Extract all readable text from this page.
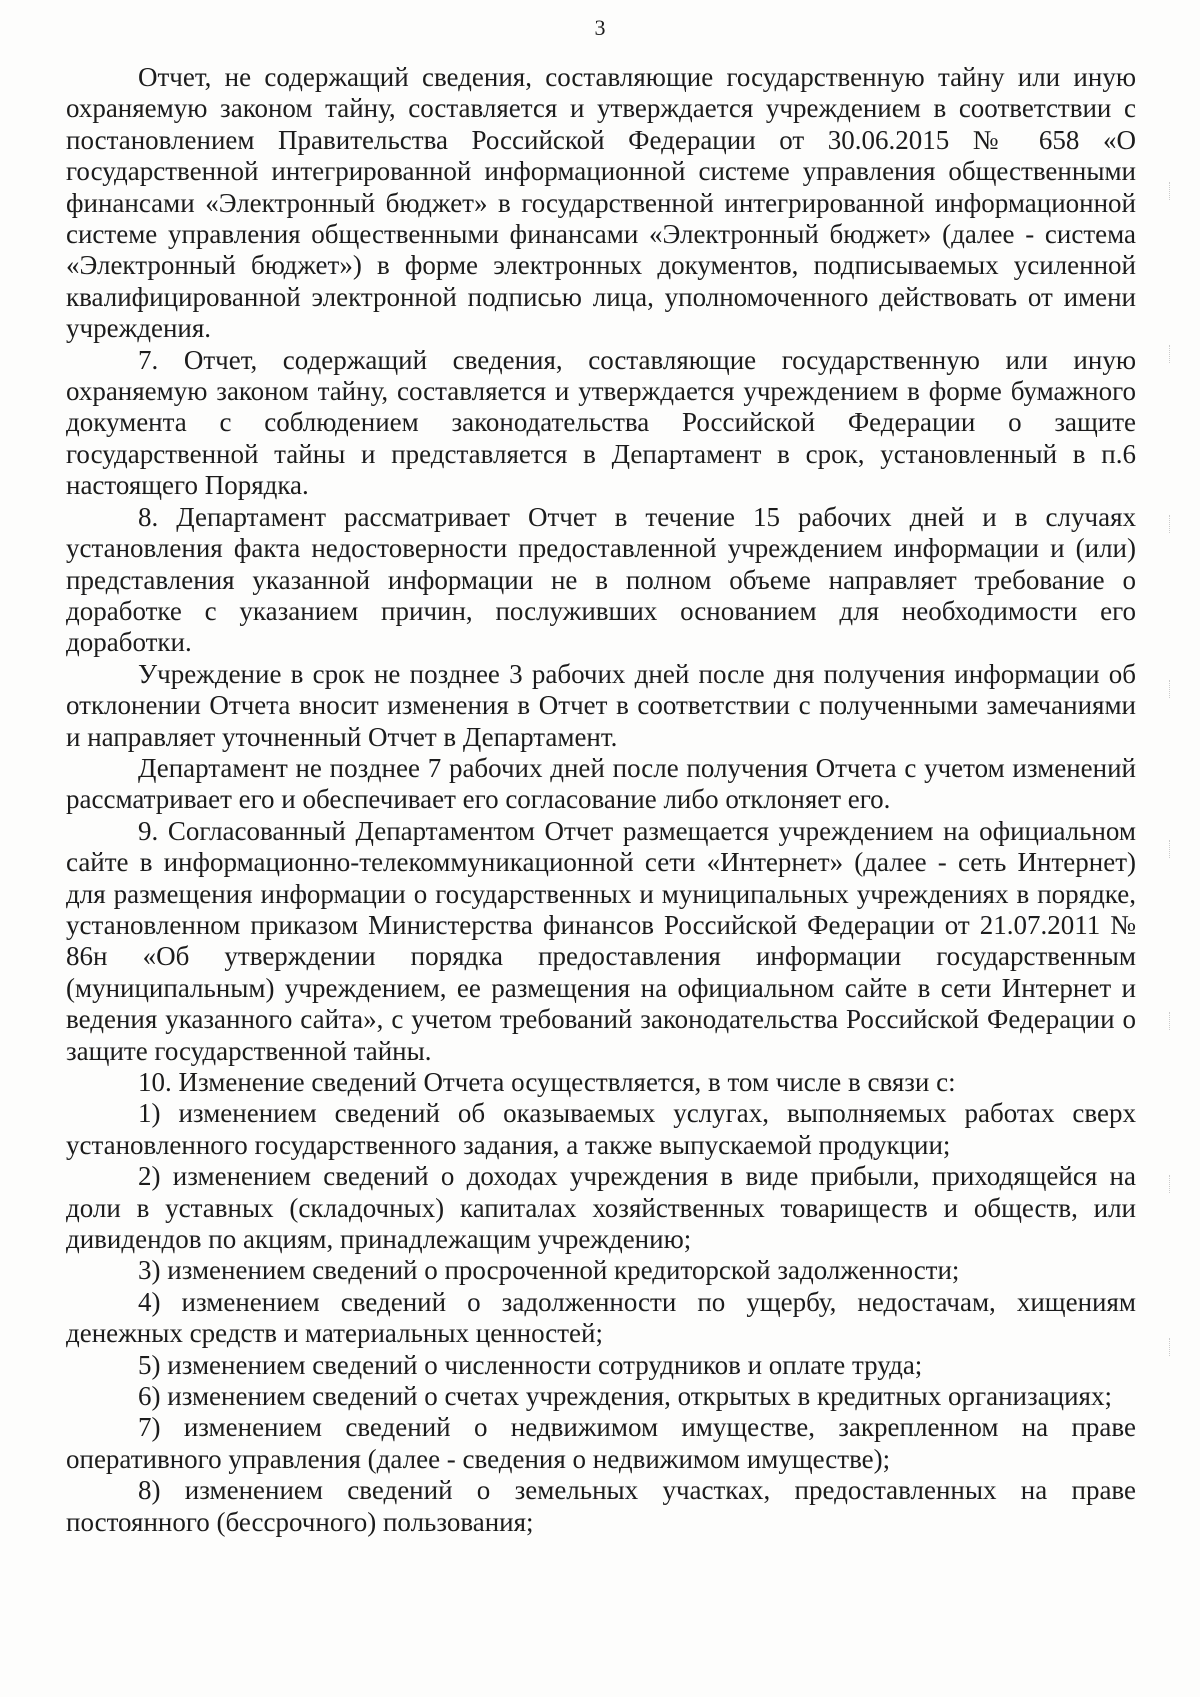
3

Отчет, не содержащий сведения, составляющие государственную тайну или иную охраняемую законом тайну, составляется и утверждается учреждением в соответствии с постановлением Правительства Российской Федерации от 30.06.2015 № 658 «О государственной интегрированной информационной системе управления общественными финансами «Электронный бюджет» в государственной интегрированной информационной системе управления общественными финансами «Электронный бюджет» (далее - система «Электронный бюджет») в форме электронных документов, подписываемых усиленной квалифицированной электронной подписью лица, уполномоченного действовать от имени учреждения.

7. Отчет, содержащий сведения, составляющие государственную или иную охраняемую законом тайну, составляется и утверждается учреждением в форме бумажного документа с соблюдением законодательства Российской Федерации о защите государственной тайны и представляется в Департамент в срок, установленный в п.6 настоящего Порядка.

8. Департамент рассматривает Отчет в течение 15 рабочих дней и в случаях установления факта недостоверности предоставленной учреждением информации и (или) представления указанной информации не в полном объеме направляет требование о доработке с указанием причин, послуживших основанием для необходимости его доработки.

Учреждение в срок не позднее 3 рабочих дней после дня получения информации об отклонении Отчета вносит изменения в Отчет в соответствии с полученными замечаниями и направляет уточненный Отчет в Департамент.

Департамент не позднее 7 рабочих дней после получения Отчета с учетом изменений рассматривает его и обеспечивает его согласование либо отклоняет его.

9. Согласованный Департаментом Отчет размещается учреждением на официальном сайте в информационно-телекоммуникационной сети «Интернет» (далее - сеть Интернет) для размещения информации о государственных и муниципальных учреждениях в порядке, установленном приказом Министерства финансов Российской Федерации от 21.07.2011 № 86н «Об утверждении порядка предоставления информации государственным (муниципальным) учреждением, ее размещения на официальном сайте в сети Интернет и ведения указанного сайта», с учетом требований законодательства Российской Федерации о защите государственной тайны.

10. Изменение сведений Отчета осуществляется, в том числе в связи с:

1) изменением сведений об оказываемых услугах, выполняемых работах сверх установленного государственного задания, а также выпускаемой продукции;

2) изменением сведений о доходах учреждения в виде прибыли, приходящейся на доли в уставных (складочных) капиталах хозяйственных товариществ и обществ, или дивидендов по акциям, принадлежащим учреждению;

3) изменением сведений о просроченной кредиторской задолженности;

4) изменением сведений о задолженности по ущербу, недостачам, хищениям денежных средств и материальных ценностей;

5) изменением сведений о численности сотрудников и оплате труда;

6) изменением сведений о счетах учреждения, открытых в кредитных организациях;

7) изменением сведений о недвижимом имуществе, закрепленном на праве оперативного управления (далее - сведения о недвижимом имуществе);

8) изменением сведений о земельных участках, предоставленных на праве постоянного (бессрочного) пользования;
